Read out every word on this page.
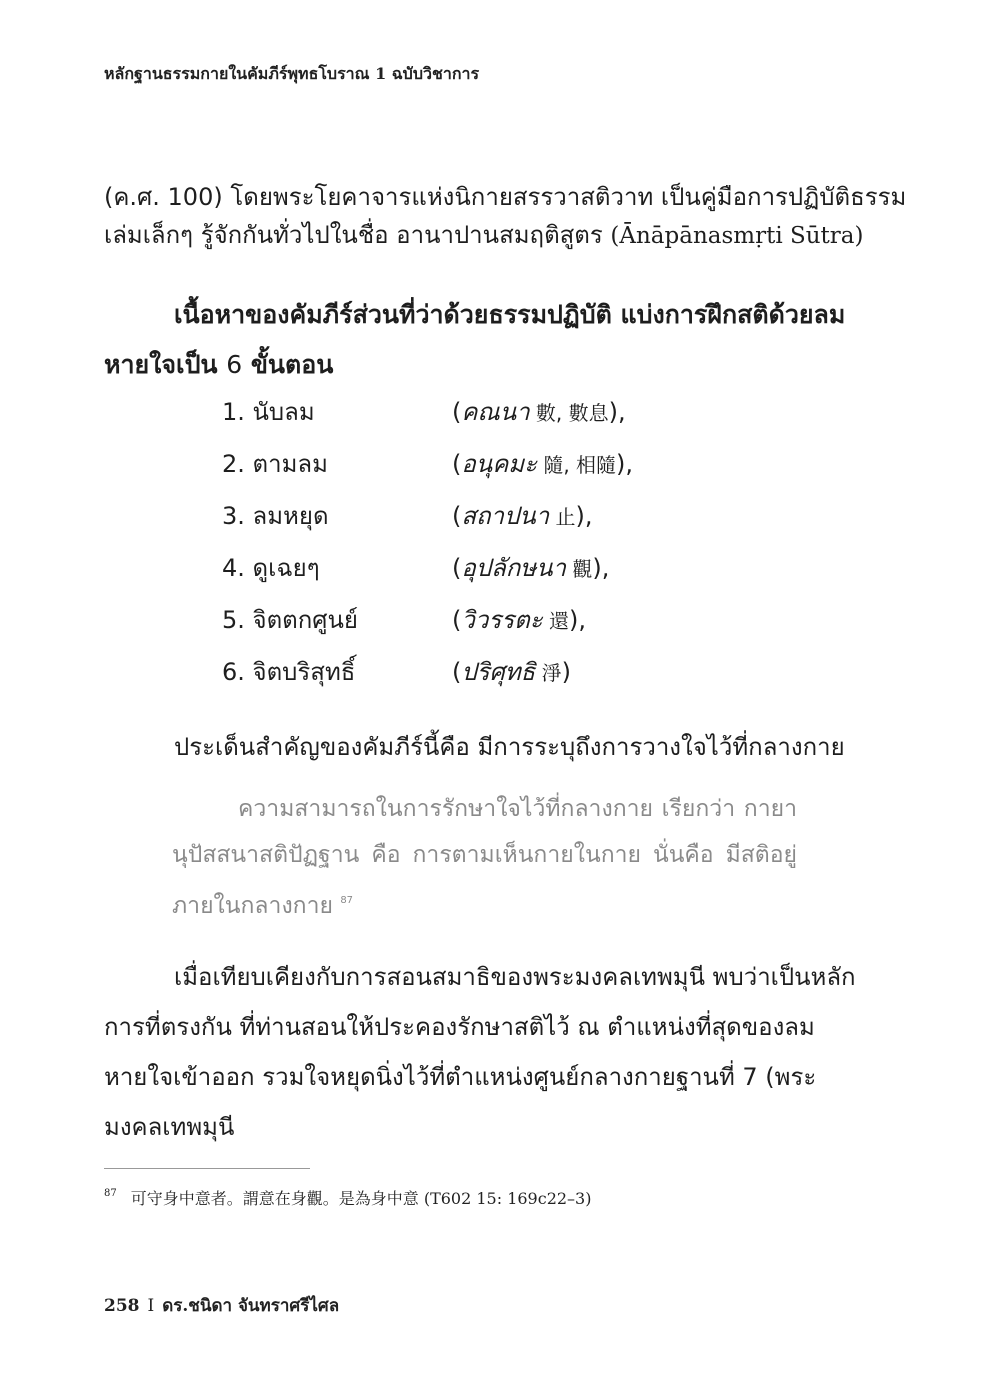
หลักฐานธรรมกายในคัมภีร์พุทธโบราณ 1 ฉบับวิชาการ

(ค.ศ. 100) โดยพระโยคาจารแห่งนิกายสรรวาสติวาท เป็นคู่มือการปฏิบัติธรรม
เล่มเล็กๆ รู้จักกันทั่วไปในชื่อ อานาปานสมฤติสูตร (Ānāpānasmṛti Sūtra)

เนื้อหาของคัมภีร์ส่วนที่ว่าด้วยธรรมปฏิบัติ แบ่งการฝึกสติด้วยลมหายใจเป็น 6 ขั้นตอน

1. นับลม	(คณนา 數, 數息),
2. ตามลม	(อนุคมะ 隨, 相隨),
3. ลมหยุด	(สถาปนา 止),
4. ดูเฉยๆ	(อุปลักษนา 觀),
5. จิตตกศูนย์	(วิวรรตะ 還),
6. จิตบริสุทธิ์	(ปริศุทธิ 淨)

ประเด็นสำคัญของคัมภีร์นี้คือ มีการระบุถึงการวางใจไว้ที่กลางกาย

ความสามารถในการรักษาใจไว้ที่กลางกาย เรียกว่า กายานุปัสสนาสติปัฏฐาน คือ การตามเห็นกายในกาย นั่นคือ มีสติอยู่ภายในกลางกาย $^{87}$

เมื่อเทียบเคียงกับการสอนสมาธิของพระมงคลเทพมุนี พบว่าเป็นหลักการที่ตรงกัน ที่ท่านสอนให้ประคองรักษาสติไว้ ณ ตำแหน่งที่สุดของลมหายใจเข้าออก รวมใจหยุดนิ่งไว้ที่ตำแหน่งศูนย์กลางกายฐานที่ 7 (พระมงคลเทพมุนี

$^{87}$ 可守身中意者。謂意在身觀。是為身中意 (T602 15: 169c22–3)
258 I ดร.ชนิดา จันทราศรีไศล
